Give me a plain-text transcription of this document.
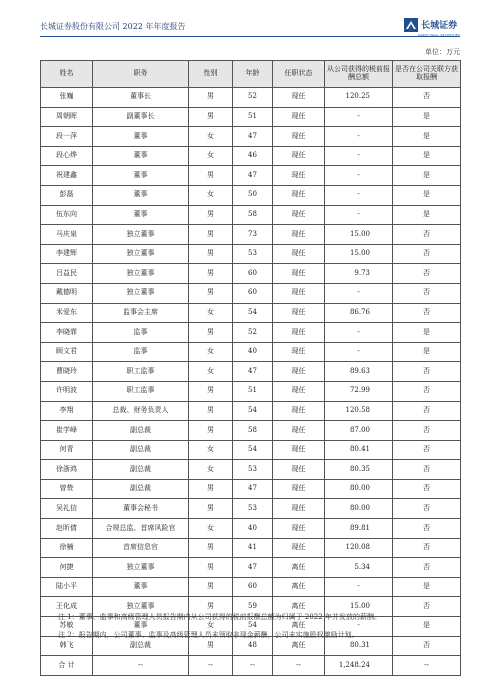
长城证券股份有限公司 2022 年年度报告	长城证券
GREAT WALL SECURITIES
单位：万元
姓名	职务	性别	年龄	任职状态	从公司获得的税前报酬总额	是否在公司关联方获取报酬
张巍	董事长	男	52	现任	120.25	否
周朝晖	副董事长	男	51	现任	-	是
段一萍	董事	女	47	现任	-	是
段心烨	董事	女	46	现任	-	是
祝建鑫	董事	男	47	现任	-	是
彭磊	董事	女	50	现任	-	是
伍东向	董事	男	58	现任	-	是
马庆泉	独立董事	男	73	现任	15.00	否
李建辉	独立董事	男	53	现任	15.00	否
吕益民	独立董事	男	60	现任	9.73	否
戴德明	独立董事	男	60	现任	-	否
米爱东	监事会主席	女	54	现任	86.76	否
李晓霏	监事	男	52	现任	-	是
顾文君	监事	女	40	现任	-	是
曹晓玲	职工监事	女	47	现任	89.63	否
许明波	职工监事	男	51	现任	72.99	否
李翔	总裁、财务负责人	男	54	现任	120.58	否
崔学峰	副总裁	男	58	现任	87.00	否
何青	副总裁	女	54	现任	80.41	否
徐浙鸿	副总裁	女	53	现任	80.35	否
曾贽	副总裁	男	47	现任	80.00	否
吴礼信	董事会秘书	男	53	现任	80.00	否
赵昕倩	合规总监、首席风险官	女	40	现任	89.81	否
徐楠	首席信息官	男	41	现任	120.08	否
何捷	独立董事	男	47	离任	5.34	否
陆小平	董事	男	60	离任	-	是
王化成	独立董事	男	59	离任	15.00	否
苏敏	董事	女	54	离任	-	是
韩飞	副总裁	男	48	离任	80.31	否
合 计	--	--	--	--	1,248.24	--
注 1：董事、监事和高级管理人员报告期内从公司获得的税前报酬总额为归属于 2022 年并发放的薪酬。
注 2：报告期内，公司董事、监事及高级管理人员未领取非现金薪酬，公司未实施股权激励计划。
